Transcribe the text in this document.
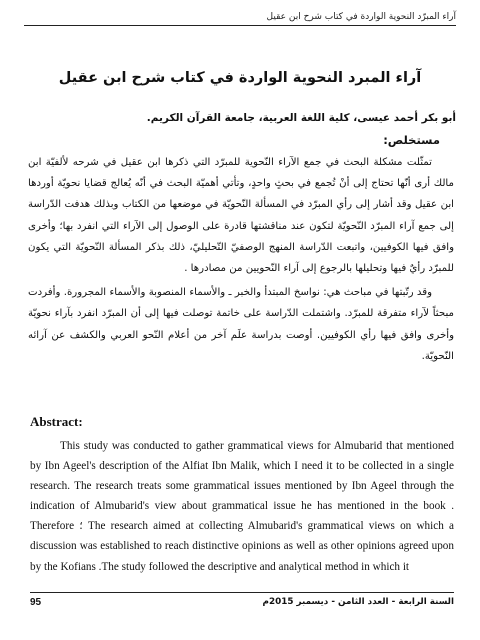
آراء المبرّد النحوية الواردة في كتاب شرح ابن عقيل
آراء المبرد النحوية الواردة في كتاب شرح ابن عقيل
أبو بكر أحمد عيسى، كلية اللغة العربية، جامعة القرآن الكريم.
مستخلص:

تمثّلت مشكلة البحث في جمع الآراء النّحوية للمبرّد التي ذكرها ابن عقيل في شرحه لألفيّة ابن مالك أرى أنّها تحتاج إلى أنْ تُجمع في بحثٍ واحدٍ، وتأتي أهميّة البحث في أنّه يُعالج قضايا نحويّة أوردها ابن عقيل وقد أشار إلى رأي المبرّد في المسألة النّحويّة في موضعها من الكتاب وبذلك هدفت الدّراسة إلى جمع آراء المبرّد النّحويّة لتكون عند مناقشتها قادرة على الوصول إلى الآراء التي انفرد بها؛ وأخرى وافق فيها الكوفيين، واتبعت الدّراسة المنهج الوصفيّ التّحليليّ، ذلك بذكر المسألة النّحويّة التي يكون للمبرّد رأيٌ فيها وتحليلها بالرجوع إلى آراء النّحويين من مصادرها .

وقد رتّبتها في مباحث هي: نواسخ المبتدأ والخبر ـ والأسماء المنصوبة والأسماء المجرورة. وأفردت مبحثاً لآراء متفرقة للمبرّد. واشتملت الدّراسة على خاتمة توصلت فيها إلى أن المبرّد انفرد بآراء نحويّة وأخرى وافق فيها رأي الكوفيين. أوصت بدراسة علَم آخر من أعلام النّحو العربي والكشف عن آرائه النّحويّة.

Abstract:

This study was conducted to gather grammatical views for Almubarid that mentioned by Ibn Ageel's description of the Alfiat Ibn Malik, which I need it to be collected in a single research. The research treats some grammatical issues mentioned by Ibn Ageel through the indication of Almubarid's view about grammatical issue he has mentioned in the book . Therefore ؛ The research aimed at collecting Almubarid's grammatical views on which a discussion was established to reach distinctive opinions as well as other opinions agreed upon by the Kofians .The study followed the descriptive and analytical method in which it

95	السنة الرابعة - العدد الثامن - ديسمبر 2015م
